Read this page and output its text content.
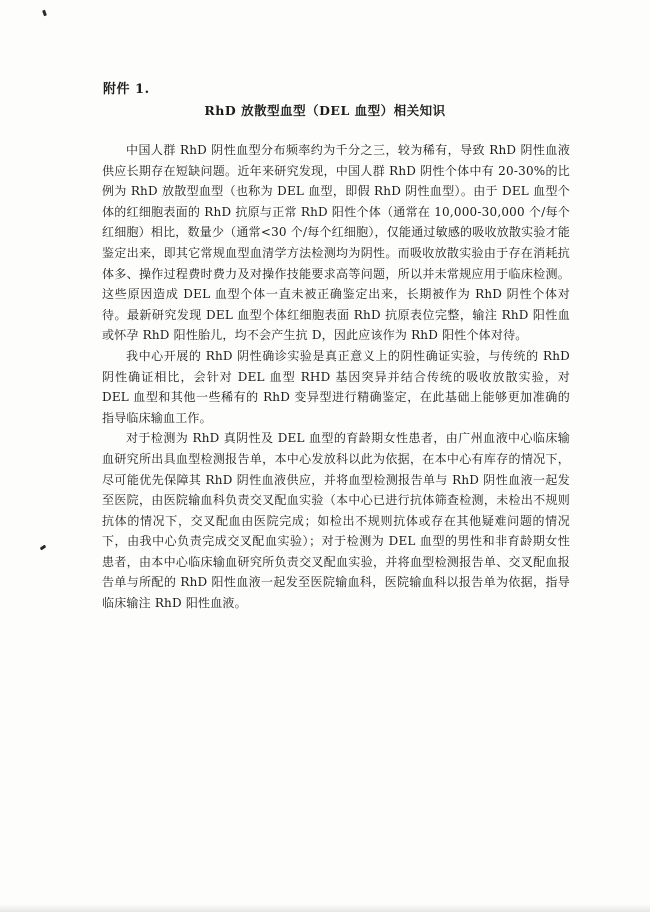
附件 1.
RhD 放散型血型（DEL 血型）相关知识

中国人群 RhD 阴性血型分布频率约为千分之三，较为稀有，导致 RhD 阴性血液供应长期存在短缺问题。近年来研究发现，中国人群 RhD 阴性个体中有 20-30%的比例为 RhD 放散型血型（也称为 DEL 血型，即假 RhD 阴性血型）。由于 DEL 血型个体的红细胞表面的 RhD 抗原与正常 RhD 阳性个体（通常在 10,000-30,000 个/每个红细胞）相比，数量少（通常<30 个/每个红细胞），仅能通过敏感的吸收放散实验才能鉴定出来，即其它常规血型血清学方法检测均为阴性。而吸收放散实验由于存在消耗抗体多、操作过程费时费力及对操作技能要求高等问题，所以并未常规应用于临床检测。这些原因造成 DEL 血型个体一直未被正确鉴定出来，长期被作为 RhD 阴性个体对待。最新研究发现 DEL 血型个体红细胞表面 RhD 抗原表位完整，输注 RhD 阳性血或怀孕 RhD 阳性胎儿，均不会产生抗 D，因此应该作为 RhD 阳性个体对待。

我中心开展的 RhD 阴性确诊实验是真正意义上的阴性确证实验，与传统的 RhD 阴性确证相比，会针对 DEL 血型 RHD 基因突异并结合传统的吸收放散实验，对 DEL 血型和其他一些稀有的 RhD 变异型进行精确鉴定，在此基础上能够更加准确的指导临床输血工作。

对于检测为 RhD 真阴性及 DEL 血型的育龄期女性患者，由广州血液中心临床输血研究所出具血型检测报告单，本中心发放科以此为依据，在本中心有库存的情况下，尽可能优先保障其 RhD 阴性血液供应，并将血型检测报告单与 RhD 阴性血液一起发至医院，由医院输血科负责交叉配血实验（本中心已进行抗体筛查检测，未检出不规则抗体的情况下，交叉配血由医院完成；如检出不规则抗体或存在其他疑难问题的情况下，由我中心负责完成交叉配血实验）；对于检测为 DEL 血型的男性和非育龄期女性患者，由本中心临床输血研究所负责交叉配血实验，并将血型检测报告单、交叉配血报告单与所配的 RhD 阳性血液一起发至医院输血科，医院输血科以报告单为依据，指导临床输注 RhD 阳性血液。
